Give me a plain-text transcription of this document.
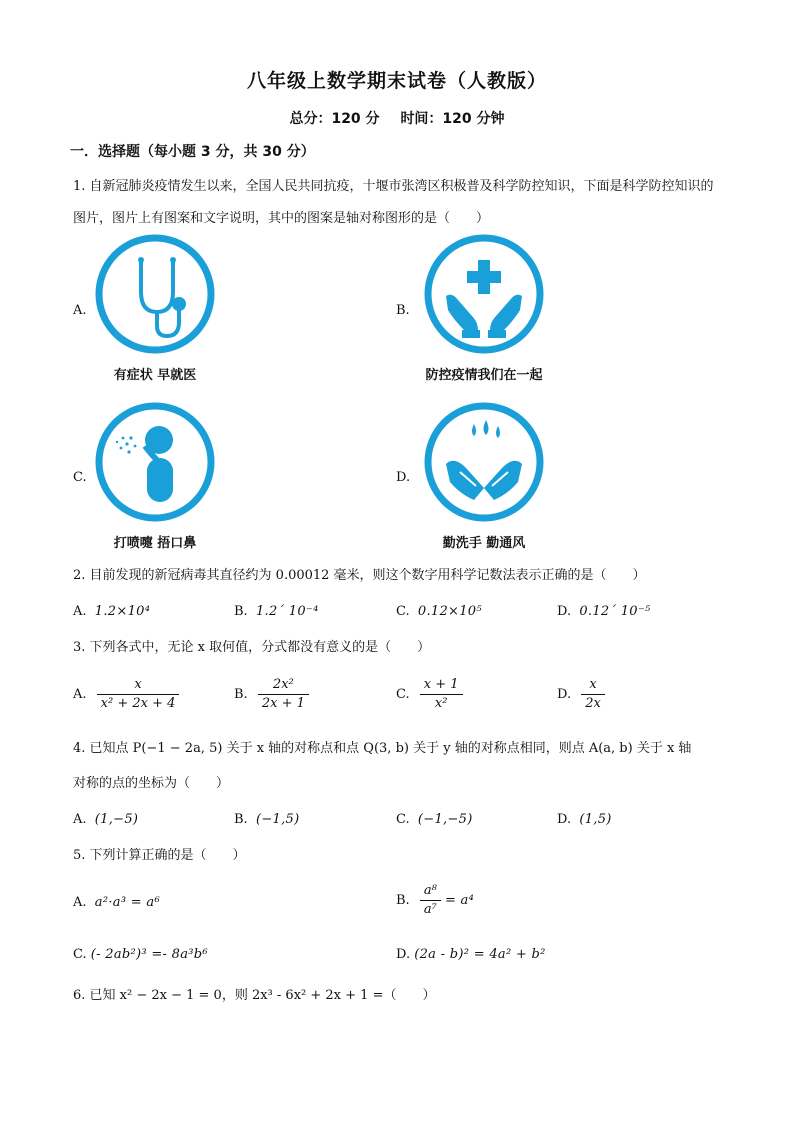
八年级上数学期末试卷（人教版）
总分：120 分 时间：120 分钟
一．选择题（每小题 3 分，共 30 分）
1. 自新冠肺炎疫情发生以来，全国人民共同抗疫，十堰市张湾区积极普及科学防控知识，下面是科学防控知识的图片，图片上有图案和文字说明，其中的图案是轴对称图形的是（　　）
A.
有症状 早就医
B.
防控疫情我们在一起
C.
打喷嚏 捂口鼻
D.
勤洗手 勤通风
2. 目前发现的新冠病毒其直径约为 0.00012 毫米，则这个数字用科学记数法表示正确的是（　　）
A. 1.2×10⁴	B. 1.2´ 10⁻⁴	C. 0.12×10⁵	D. 0.12´ 10⁻⁵
3. 下列各式中，无论 x 取何值，分式都没有意义的是（　　）
A. $\frac{x}{\text{x² + 2x + 4}}$	B. $\frac{\text{2x²}}{2x + 1}$	C. $\frac{x + 1}{\text{x²}}$	D. $\frac{x}{2x}$
4. 已知点 P(−1 − 2a, 5) 关于 x 轴的对称点和点 Q(3, b) 关于 y 轴的对称点相同，则点 A(a, b) 关于 x 轴
对称的点的坐标为（　　）
A. (1,−5)	B. (−1,5)	C. (−1,−5)	D. (1,5)
5. 下列计算正确的是（　　）
A. a²·a³ = a⁶	B. $\frac{\text{a⁸}}{\text{a⁷}} = a^4$
C. (- 2ab²)³ =- 8a³b⁶	D. (2a - b)² = 4a² + b²
6. 已知 x² − 2x − 1 = 0，则 2x³ - 6x² + 2x + 1 =（　　）
